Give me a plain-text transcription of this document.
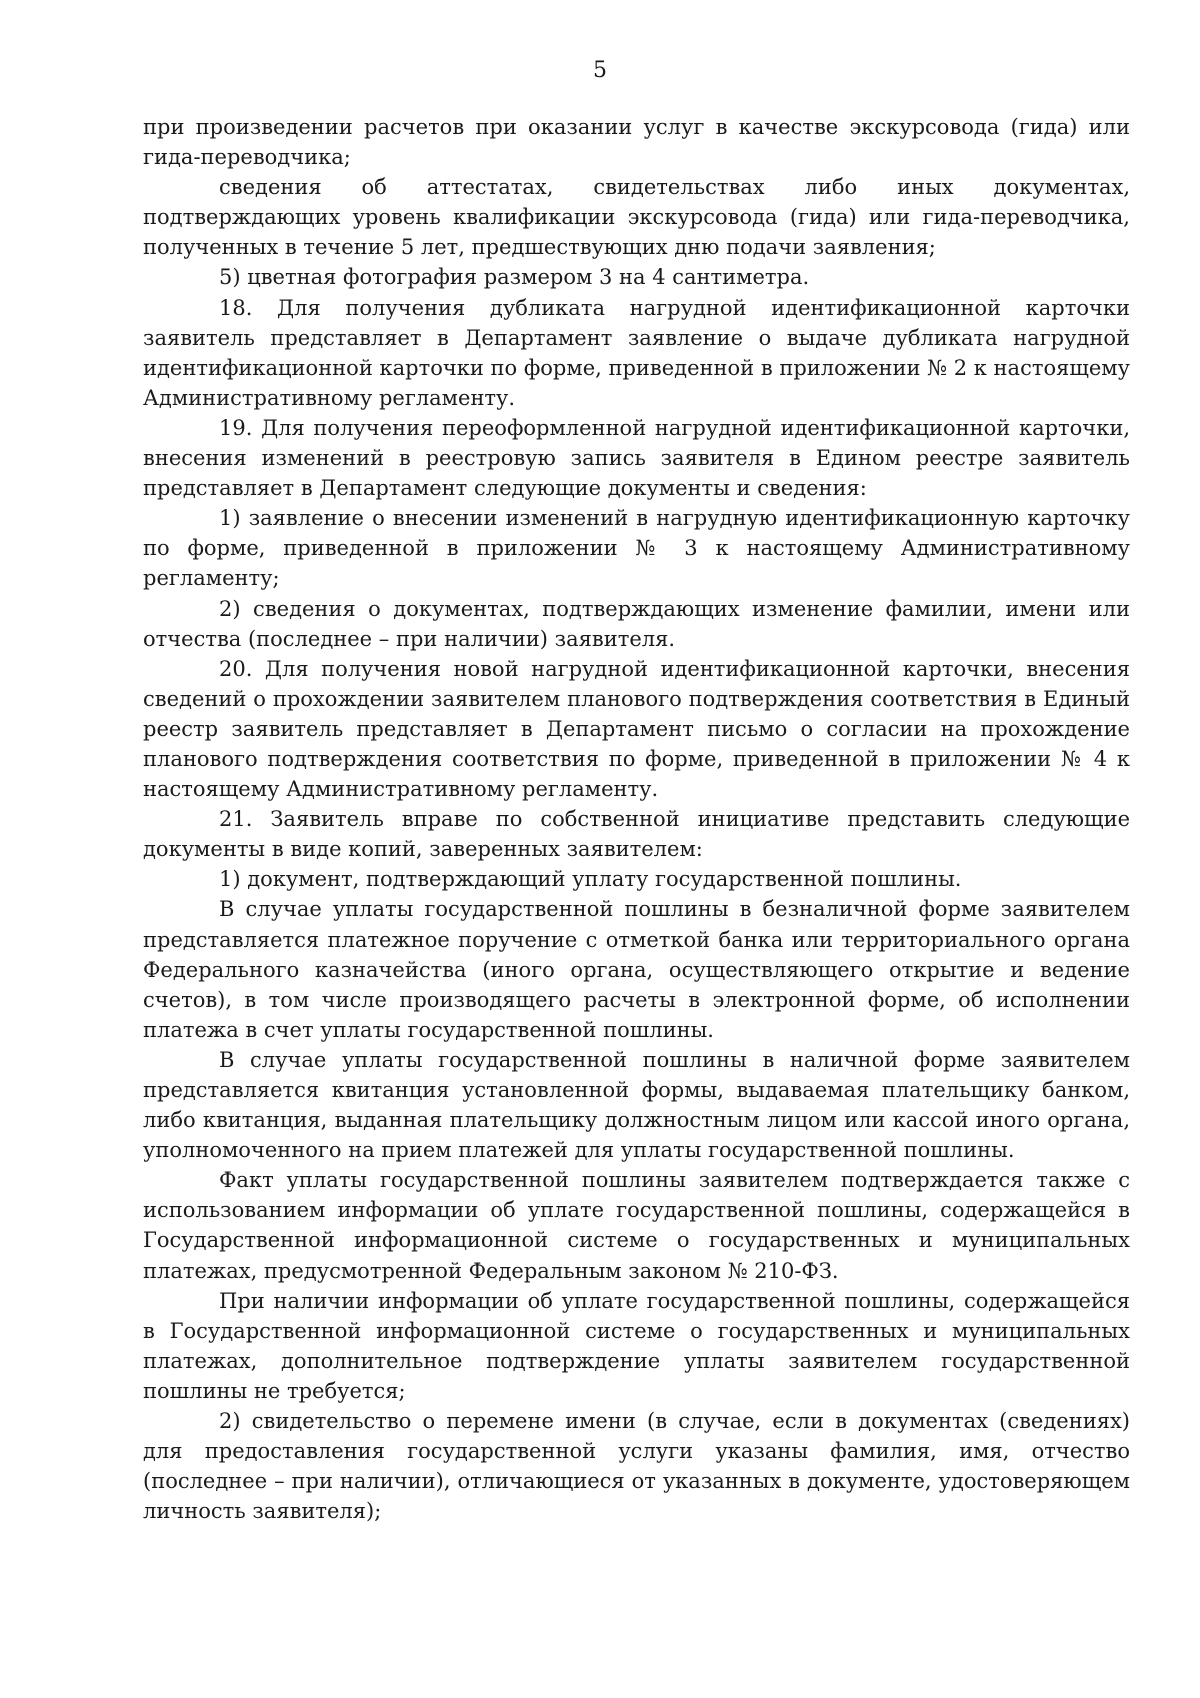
5

при произведении расчетов при оказании услуг в качестве экскурсовода (гида) или гида-переводчика;

сведения об аттестатах, свидетельствах либо иных документах, подтверждающих уровень квалификации экскурсовода (гида) или гида-переводчика, полученных в течение 5 лет, предшествующих дню подачи заявления;

5) цветная фотография размером 3 на 4 сантиметра.

18. Для получения дубликата нагрудной идентификационной карточки заявитель представляет в Департамент заявление о выдаче дубликата нагрудной идентификационной карточки по форме, приведенной в приложении № 2 к настоящему Административному регламенту.

19. Для получения переоформленной нагрудной идентификационной карточки, внесения изменений в реестровую запись заявителя в Едином реестре заявитель представляет в Департамент следующие документы и сведения:

1) заявление о внесении изменений в нагрудную идентификационную карточку по форме, приведенной в приложении № 3 к настоящему Административному регламенту;

2) сведения о документах, подтверждающих изменение фамилии, имени или отчества (последнее – при наличии) заявителя.

20. Для получения новой нагрудной идентификационной карточки, внесения сведений о прохождении заявителем планового подтверждения соответствия в Единый реестр заявитель представляет в Департамент письмо о согласии на прохождение планового подтверждения соответствия по форме, приведенной в приложении № 4 к настоящему Административному регламенту.

21. Заявитель вправе по собственной инициативе представить следующие документы в виде копий, заверенных заявителем:

1) документ, подтверждающий уплату государственной пошлины.

В случае уплаты государственной пошлины в безналичной форме заявителем представляется платежное поручение с отметкой банка или территориального органа Федерального казначейства (иного органа, осуществляющего открытие и ведение счетов), в том числе производящего расчеты в электронной форме, об исполнении платежа в счет уплаты государственной пошлины.

В случае уплаты государственной пошлины в наличной форме заявителем представляется квитанция установленной формы, выдаваемая плательщику банком, либо квитанция, выданная плательщику должностным лицом или кассой иного органа, уполномоченного на прием платежей для уплаты государственной пошлины.

Факт уплаты государственной пошлины заявителем подтверждается также с использованием информации об уплате государственной пошлины, содержащейся в Государственной информационной системе о государственных и муниципальных платежах, предусмотренной Федеральным законом № 210-ФЗ.

При наличии информации об уплате государственной пошлины, содержащейся в Государственной информационной системе о государственных и муниципальных платежах, дополнительное подтверждение уплаты заявителем государственной пошлины не требуется;

2) свидетельство о перемене имени (в случае, если в документах (сведениях) для предоставления государственной услуги указаны фамилия, имя, отчество (последнее – при наличии), отличающиеся от указанных в документе, удостоверяющем личность заявителя);
